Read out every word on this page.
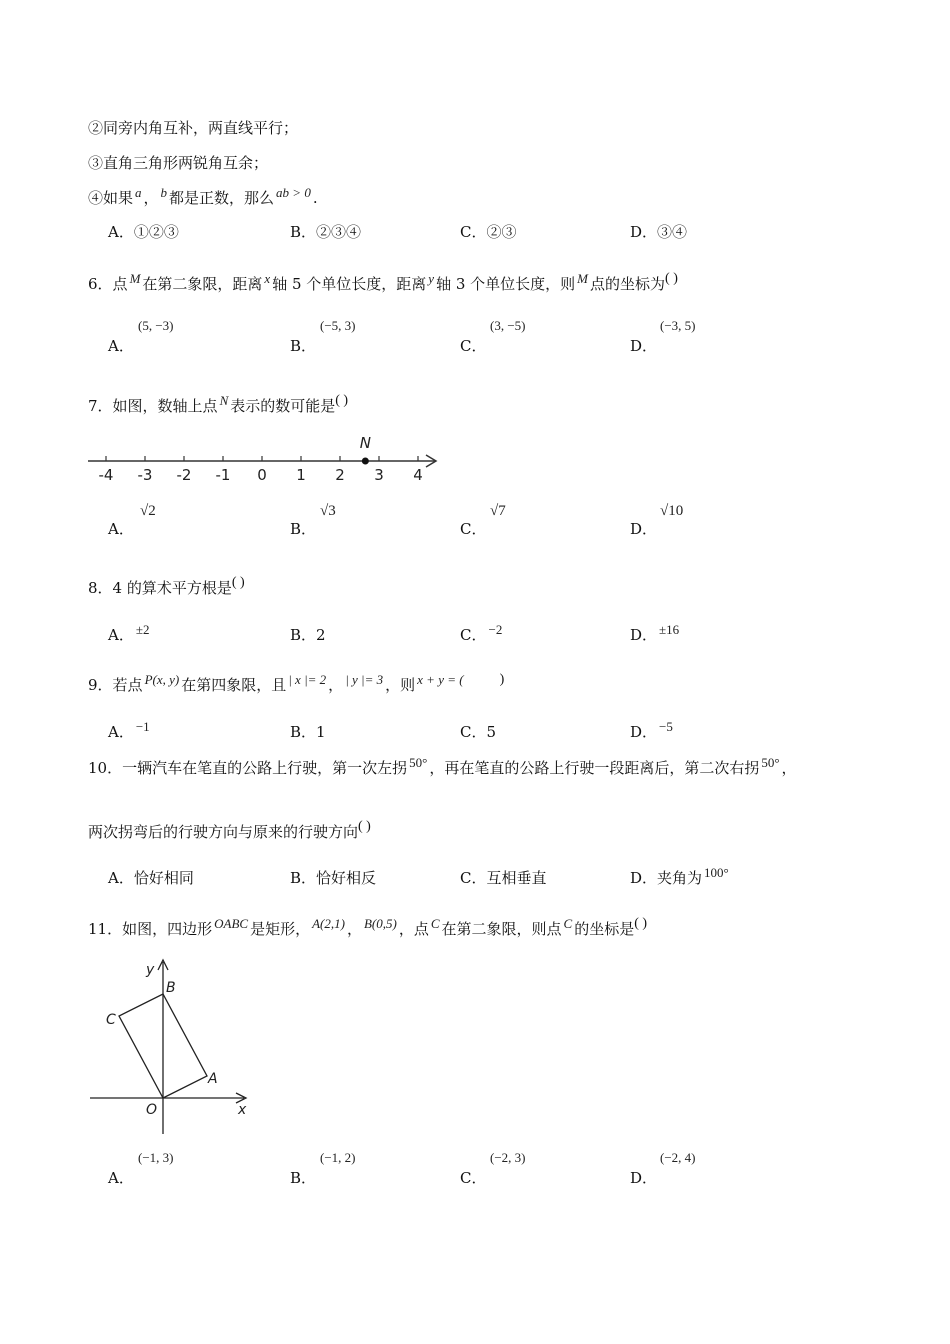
②同旁内角互补，两直线平行；
③直角三角形两锐角互余；
④如果 a ， b 都是正数，那么 ab > 0 .
A．①②③	B．②③④	C．②③	D．③④
6．点 M 在第二象限，距离 x 轴 5 个单位长度，距离 y 轴 3 个单位长度，则 M 点的坐标为( )
(5, −3)	(−5, 3)	(3, −5)	(−3, 5)
A．	B．	C．	D．
7．如图，数轴上点 N 表示的数可能是( )
-4 -3 -2 -1 0 1 2 3 4
N
√2	√3	√7	√10
A．	B．	C．	D．
8．4 的算术平方根是( )
A． ±2	B．2	C． −2	D． ±16
9．若点 P(x, y) 在第四象限，且 | x |= 2 ， | y |= 3 ，则 x + y = (	)
A． −1	B．1	C．5	D． −5
10．一辆汽车在笔直的公路上行驶，第一次左拐 50° ，再在笔直的公路上行驶一段距离后，第二次右拐 50° ，
两次拐弯后的行驶方向与原来的行驶方向( )
A．恰好相同	B．恰好相反	C．互相垂直	D．夹角为 100°
11．如图，四边形 OABC 是矩形， A(2,1) ， B(0,5) ，点 C 在第二象限，则点 C 的坐标是( )
x
y
O
A
B
C
(−1, 3)	(−1, 2)	(−2, 3)	(−2, 4)
A．	B．	C．	D．
